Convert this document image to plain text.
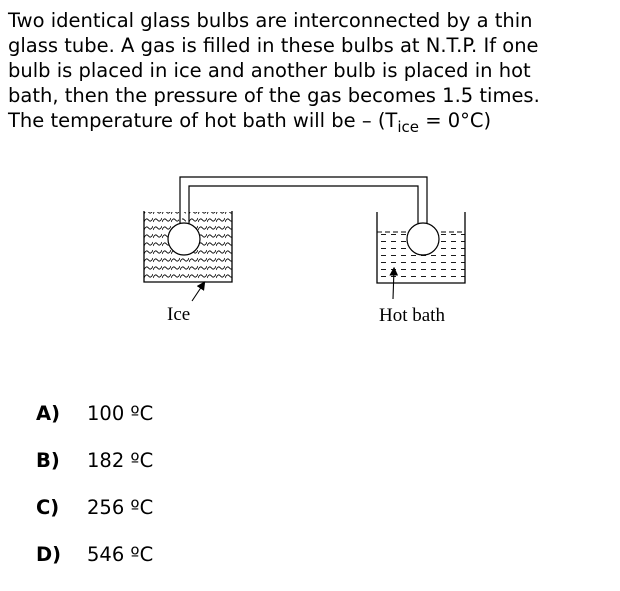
Two identical glass bulbs are interconnected by a thin

glass tube. A gas is filled in these bulbs at N.T.P. If one

bulb is placed in ice and another bulb is placed in hot

bath, then the pressure of the gas becomes 1.5 times.

The temperature of hot bath will be – $(T_{ice} = 0^\circ C)$

Ice	Hot bath
A)	100 ºC
B)	182 ºC
C)	256 ºC
D)	546 ºC
